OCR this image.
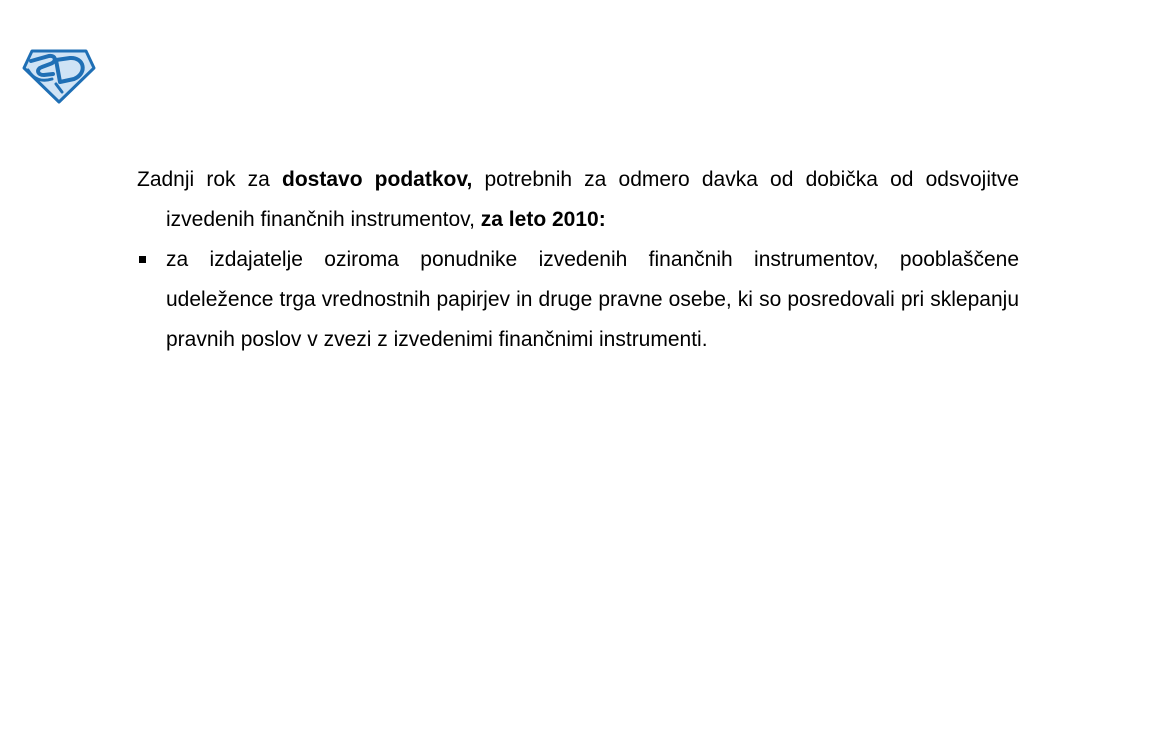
Zadnji rok za dostavo podatkov, potrebnih za odmero davka od dobička od odsvojitve izvedenih finančnih instrumentov, za leto 2010:

za izdajatelje oziroma ponudnike izvedenih finančnih instrumentov, pooblaščene udeležence trga vrednostnih papirjev in druge pravne osebe, ki so posredovali pri sklepanju pravnih poslov v zvezi z izvedenimi finančnimi instrumenti.
